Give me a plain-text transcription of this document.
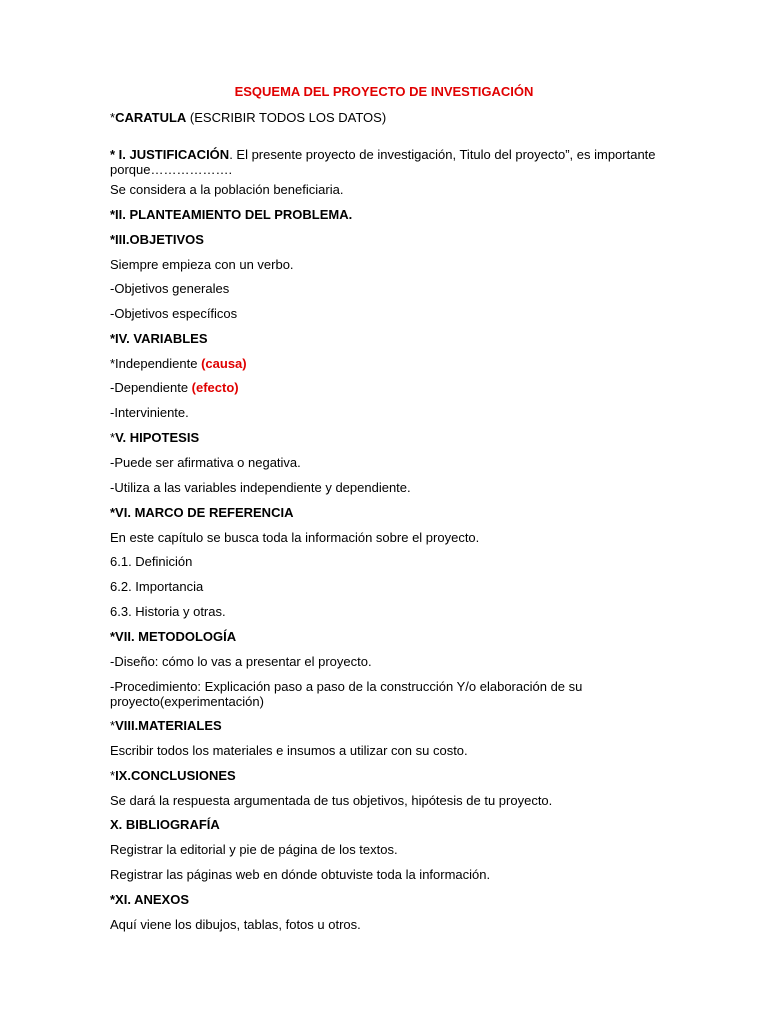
ESQUEMA DEL PROYECTO DE INVESTIGACIÓN
*CARATULA (ESCRIBIR TODOS LOS DATOS)
* I. JUSTIFICACIÓN. El presente proyecto de investigación, Titulo del proyecto”, es importante
porque……………….
Se considera a la población beneficiaria.
*II. PLANTEAMIENTO DEL PROBLEMA.
*III.OBJETIVOS
Siempre empieza con un verbo.
-Objetivos generales
-Objetivos específicos
*IV. VARIABLES
*Independiente (causa)
-Dependiente (efecto)
-Interviniente.
*V. HIPOTESIS
-Puede ser afirmativa o negativa.
-Utiliza a las variables independiente y dependiente.
*VI. MARCO DE REFERENCIA
En este capítulo se busca toda la información sobre el proyecto.
6.1. Definición
6.2. Importancia
6.3. Historia y otras.
*VII. METODOLOGÍA
-Diseño: cómo lo vas a presentar el proyecto.
-Procedimiento: Explicación paso a paso de la construcción Y/o elaboración de su proyecto(experimentación)
*VIII.MATERIALES
Escribir todos los materiales e insumos a utilizar con su costo.
*IX.CONCLUSIONES
Se dará la respuesta argumentada de tus objetivos, hipótesis de tu proyecto.
X. BIBLIOGRAFÍA
Registrar la editorial y pie de página de los textos.
Registrar las páginas web en dónde obtuviste toda la información.
*XI. ANEXOS
Aquí viene los dibujos, tablas, fotos u otros.
